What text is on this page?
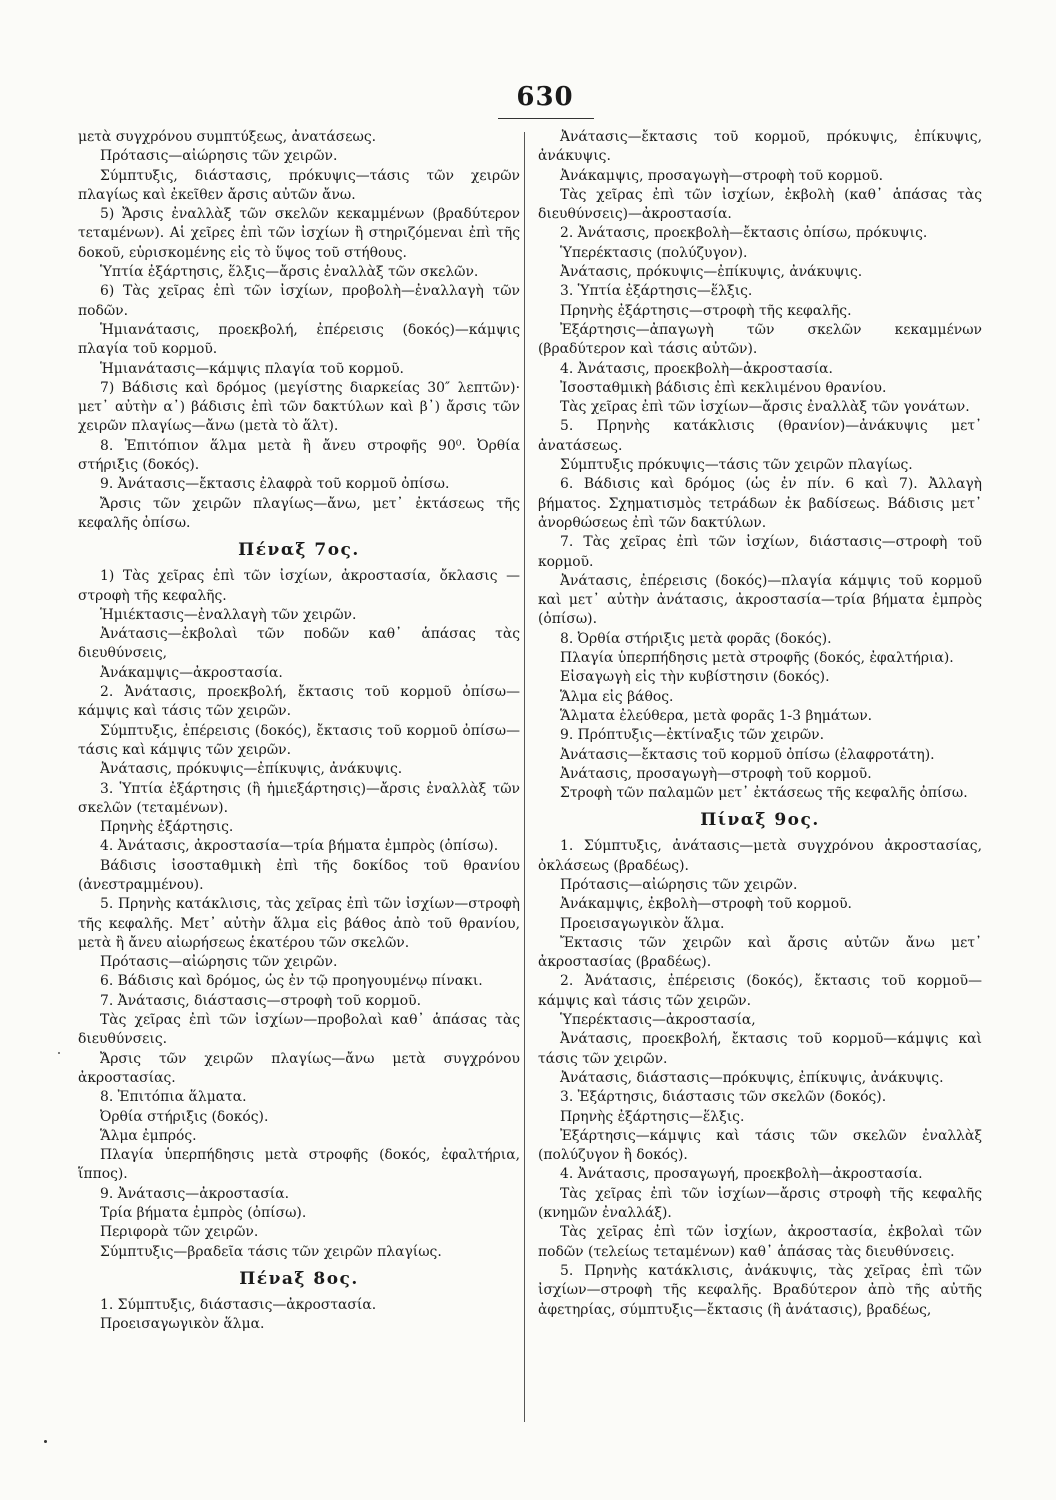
630

μετὰ συγχρόνου συμπτύξεως, ἀνατάσεως.

Πρότασις—αἰώρησις τῶν χειρῶν.

Σύμπτυξις, διάστασις, πρόκυψις—τάσις τῶν χειρῶν πλαγίως καὶ ἐκεῖθεν ἄρσις αὐτῶν ἄνω.

5) Ἄρσις ἐναλλὰξ τῶν σκελῶν κεκαμμένων (βραδύτερον τεταμένων). Αἱ χεῖρες ἐπὶ τῶν ἰσχίων ἢ στηριζόμεναι ἐπὶ τῆς δοκοῦ, εὑρισκομένης εἰς τὸ ὕψος τοῦ στήθους.

Ὑπτία ἐξάρτησις, ἕλξις—ἄρσις ἐναλλὰξ τῶν σκελῶν.

6) Τὰς χεῖρας ἐπὶ τῶν ἰσχίων, προβολὴ—ἐναλλαγὴ τῶν ποδῶν.

Ἡμιανάτασις, προεκβολή, ἐπέρεισις (δοκός)—κάμψις πλαγία τοῦ κορμοῦ.

Ἡμιανάτασις—κάμψις πλαγία τοῦ κορμοῦ.

7) Βάδισις καὶ δρόμος (μεγίστης διαρκείας 30″ λεπτῶν)· μετ᾽ αὐτὴν α᾽) βάδισις ἐπὶ τῶν δακτύλων καὶ β᾽) ἄρσις τῶν χειρῶν πλαγίως—ἄνω (μετὰ τὸ ἅλτ).

8. Ἐπιτόπιον ἅλμα μετὰ ἢ ἄνευ στροφῆς 90⁰. Ὀρθία στήριξις (δοκός).

9. Ἀνάτασις—ἔκτασις ἐλαφρὰ τοῦ κορμοῦ ὀπίσω.

Ἄρσις τῶν χειρῶν πλαγίως—ἄνω, μετ᾽ ἐκτάσεως τῆς κεφαλῆς ὀπίσω.

Πέναξ 7ος.

1) Τὰς χεῖρας ἐπὶ τῶν ἰσχίων, ἀκροστασία, ὄκλασις — στροφὴ τῆς κεφαλῆς.

Ἡμιέκτασις—ἐναλλαγὴ τῶν χειρῶν.

Ἀνάτασις—ἐκβολαὶ τῶν ποδῶν καθ᾽ ἁπάσας τὰς διευθύνσεις,

Ἀνάκαμψις—ἀκροστασία.

2. Ἀνάτασις, προεκβολή, ἔκτασις τοῦ κορμοῦ ὀπίσω—κάμψις καὶ τάσις τῶν χειρῶν.

Σύμπτυξις, ἐπέρεισις (δοκός), ἔκτασις τοῦ κορμοῦ ὀπίσω—τάσις καὶ κάμψις τῶν χειρῶν.

Ἀνάτασις, πρόκυψις—ἐπίκυψις, ἀνάκυψις.

3. Ὑπτία ἐξάρτησις (ἢ ἡμιεξάρτησις)—ἄρσις ἐναλλὰξ τῶν σκελῶν (τεταμένων).

Πρηνὴς ἐξάρτησις.

4. Ἀνάτασις, ἀκροστασία—τρία βήματα ἐμπρὸς (ὀπίσω).

Βάδισις ἰσοσταθμικὴ ἐπὶ τῆς δοκίδος τοῦ θρανίου (ἀνεστραμμένου).

5. Πρηνὴς κατάκλισις, τὰς χεῖρας ἐπὶ τῶν ἰσχίων—στροφὴ τῆς κεφαλῆς. Μετ᾽ αὐτὴν ἅλμα εἰς βάθος ἀπὸ τοῦ θρανίου, μετὰ ἢ ἄνευ αἰωρήσεως ἑκατέρου τῶν σκελῶν.

Πρότασις—αἰώρησις τῶν χειρῶν.

6. Βάδισις καὶ δρόμος, ὡς ἐν τῷ προηγουμένῳ πίνακι.

7. Ἀνάτασις, διάστασις—στροφὴ τοῦ κορμοῦ.

Τὰς χεῖρας ἐπὶ τῶν ἰσχίων—προβολαὶ καθ᾽ ἁπάσας τὰς διευθύνσεις.

Ἄρσις τῶν χειρῶν πλαγίως—ἄνω μετὰ συγχρόνου ἀκροστασίας.

8. Ἐπιτόπια ἅλματα.

Ὀρθία στήριξις (δοκός).

Ἅλμα ἐμπρός.

Πλαγία ὑπερπήδησις μετὰ στροφῆς (δοκός, ἐφαλτήρια, ἵππος).

9. Ἀνάτασις—ἀκροστασία.

Τρία βήματα ἐμπρὸς (ὀπίσω).

Περιφορὰ τῶν χειρῶν.

Σύμπτυξις—βραδεῖα τάσις τῶν χειρῶν πλαγίως.

Πένaξ 8ος.

1. Σύμπτυξις, διάστασις—ἀκροστασία.

Προεισαγωγικὸν ἅλμα.

Ἀνάτασις—ἔκτασις τοῦ κορμοῦ, πρόκυψις, ἐπίκυψις, ἀνάκυψις.

Ἀνάκαμψις, προσαγωγὴ—στροφὴ τοῦ κορμοῦ.

Τὰς χεῖρας ἐπὶ τῶν ἰσχίων, ἐκβολὴ (καθ᾽ ἁπάσας τὰς διευθύνσεις)—ἀκροστασία.

2. Ἀνάτασις, προεκβολὴ—ἔκτασις ὀπίσω, πρόκυψις.

Ὑπερέκτασις (πολύζυγον).

Ἀνάτασις, πρόκυψις—ἐπίκυψις, ἀνάκυψις.

3. Ὑπτία ἐξάρτησις—ἕλξις.

Πρηνὴς ἐξάρτησις—στροφὴ τῆς κεφαλῆς.

Ἐξάρτησις—ἀπαγωγὴ τῶν σκελῶν κεκαμμένων (βραδύτερον καὶ τάσις αὐτῶν).

4. Ἀνάτασις, προεκβολὴ—ἀκροστασία.

Ἰσοσταθμικὴ βάδισις ἐπὶ κεκλιμένου θρανίου.

Τὰς χεῖρας ἐπὶ τῶν ἰσχίων—ἄρσις ἐναλλὰξ τῶν γονάτων.

5. Πρηνὴς κατάκλισις (θρανίον)—ἀνάκυψις μετ᾽ ἀνατάσεως.

Σύμπτυξις πρόκυψις—τάσις τῶν χειρῶν πλαγίως.

6. Βάδισις καὶ δρόμος (ὡς ἐν πίν. 6 καὶ 7). Ἀλλαγὴ βήματος. Σχηματισμὸς τετράδων ἐκ βαδίσεως. Βάδισις μετ᾽ ἀνορθώσεως ἐπὶ τῶν δακτύλων.

7. Τὰς χεῖρας ἐπὶ τῶν ἰσχίων, διάστασις—στροφὴ τοῦ κορμοῦ.

Ἀνάτασις, ἐπέρεισις (δοκός)—πλαγία κάμψις τοῦ κορμοῦ καὶ μετ᾽ αὐτὴν ἀνάτασις, ἀκροστασία—τρία βήματα ἐμπρὸς (ὀπίσω).

8. Ὀρθία στήριξις μετὰ φορᾶς (δοκός).

Πλαγία ὑπερπήδησις μετὰ στροφῆς (δοκός, ἐφαλτήρια).

Εἰσαγωγὴ εἰς τὴν κυβίστησιν (δοκός).

Ἅλμα εἰς βάθος.

Ἅλματα ἐλεύθερα, μετὰ φορᾶς 1-3 βημάτων.

9. Πρόπτυξις—ἐκτίναξις τῶν χειρῶν.

Ἀνάτασις—ἔκτασις τοῦ κορμοῦ ὀπίσω (ἐλαφροτάτη).

Ἀνάτασις, προσαγωγὴ—στροφὴ τοῦ κορμοῦ.

Στροφὴ τῶν παλαμῶν μετ᾽ ἐκτάσεως τῆς κεφαλῆς ὀπίσω.

Πίναξ 9ος.

1. Σύμπτυξις, ἀνάτασις—μετὰ συγχρόνου ἀκροστασίας, ὀκλάσεως (βραδέως).

Πρότασις—αἰώρησις τῶν χειρῶν.

Ἀνάκαμψις, ἐκβολὴ—στροφὴ τοῦ κορμοῦ.

Προεισαγωγικὸν ἅλμα.

Ἔκτασις τῶν χειρῶν καὶ ἄρσις αὐτῶν ἄνω μετ᾽ ἀκροστασίας (βραδέως).

2. Ἀνάτασις, ἐπέρεισις (δοκός), ἔκτασις τοῦ κορμοῦ—κάμψις καὶ τάσις τῶν χειρῶν.

Ὑπερέκτασις—ἀκροστασία,

Ἀνάτασις, προεκβολή, ἔκτασις τοῦ κορμοῦ—κάμψις καὶ τάσις τῶν χειρῶν.

Ἀνάτασις, διάστασις—πρόκυψις, ἐπίκυψις, ἀνάκυψις.

3. Ἐξάρτησις, διάστασις τῶν σκελῶν (δοκός).

Πρηνὴς ἐξάρτησις—ἕλξις.

Ἐξάρτησις—κάμψις καὶ τάσις τῶν σκελῶν ἐναλλὰξ (πολύζυγον ἢ δοκός).

4. Ἀνάτασις, προσαγωγή, προεκβολὴ—ἀκροστασία.

Τὰς χεῖρας ἐπὶ τῶν ἰσχίων—ἄρσις στροφὴ τῆς κεφαλῆς (κνημῶν ἐναλλάξ).

Τὰς χεῖρας ἐπὶ τῶν ἰσχίων, ἀκροστασία, ἐκβολαὶ τῶν ποδῶν (τελείως τεταμένων) καθ᾽ ἁπάσας τὰς διευθύνσεις.

5. Πρηνὴς κατάκλισις, ἀνάκυψις, τὰς χεῖρας ἐπὶ τῶν ἰσχίων—στροφὴ τῆς κεφαλῆς. Βραδύτερον ἀπὸ τῆς αὐτῆς ἀφετηρίας, σύμπτυξις—ἔκτασις (ἢ ἀνάτασις), βραδέως,
